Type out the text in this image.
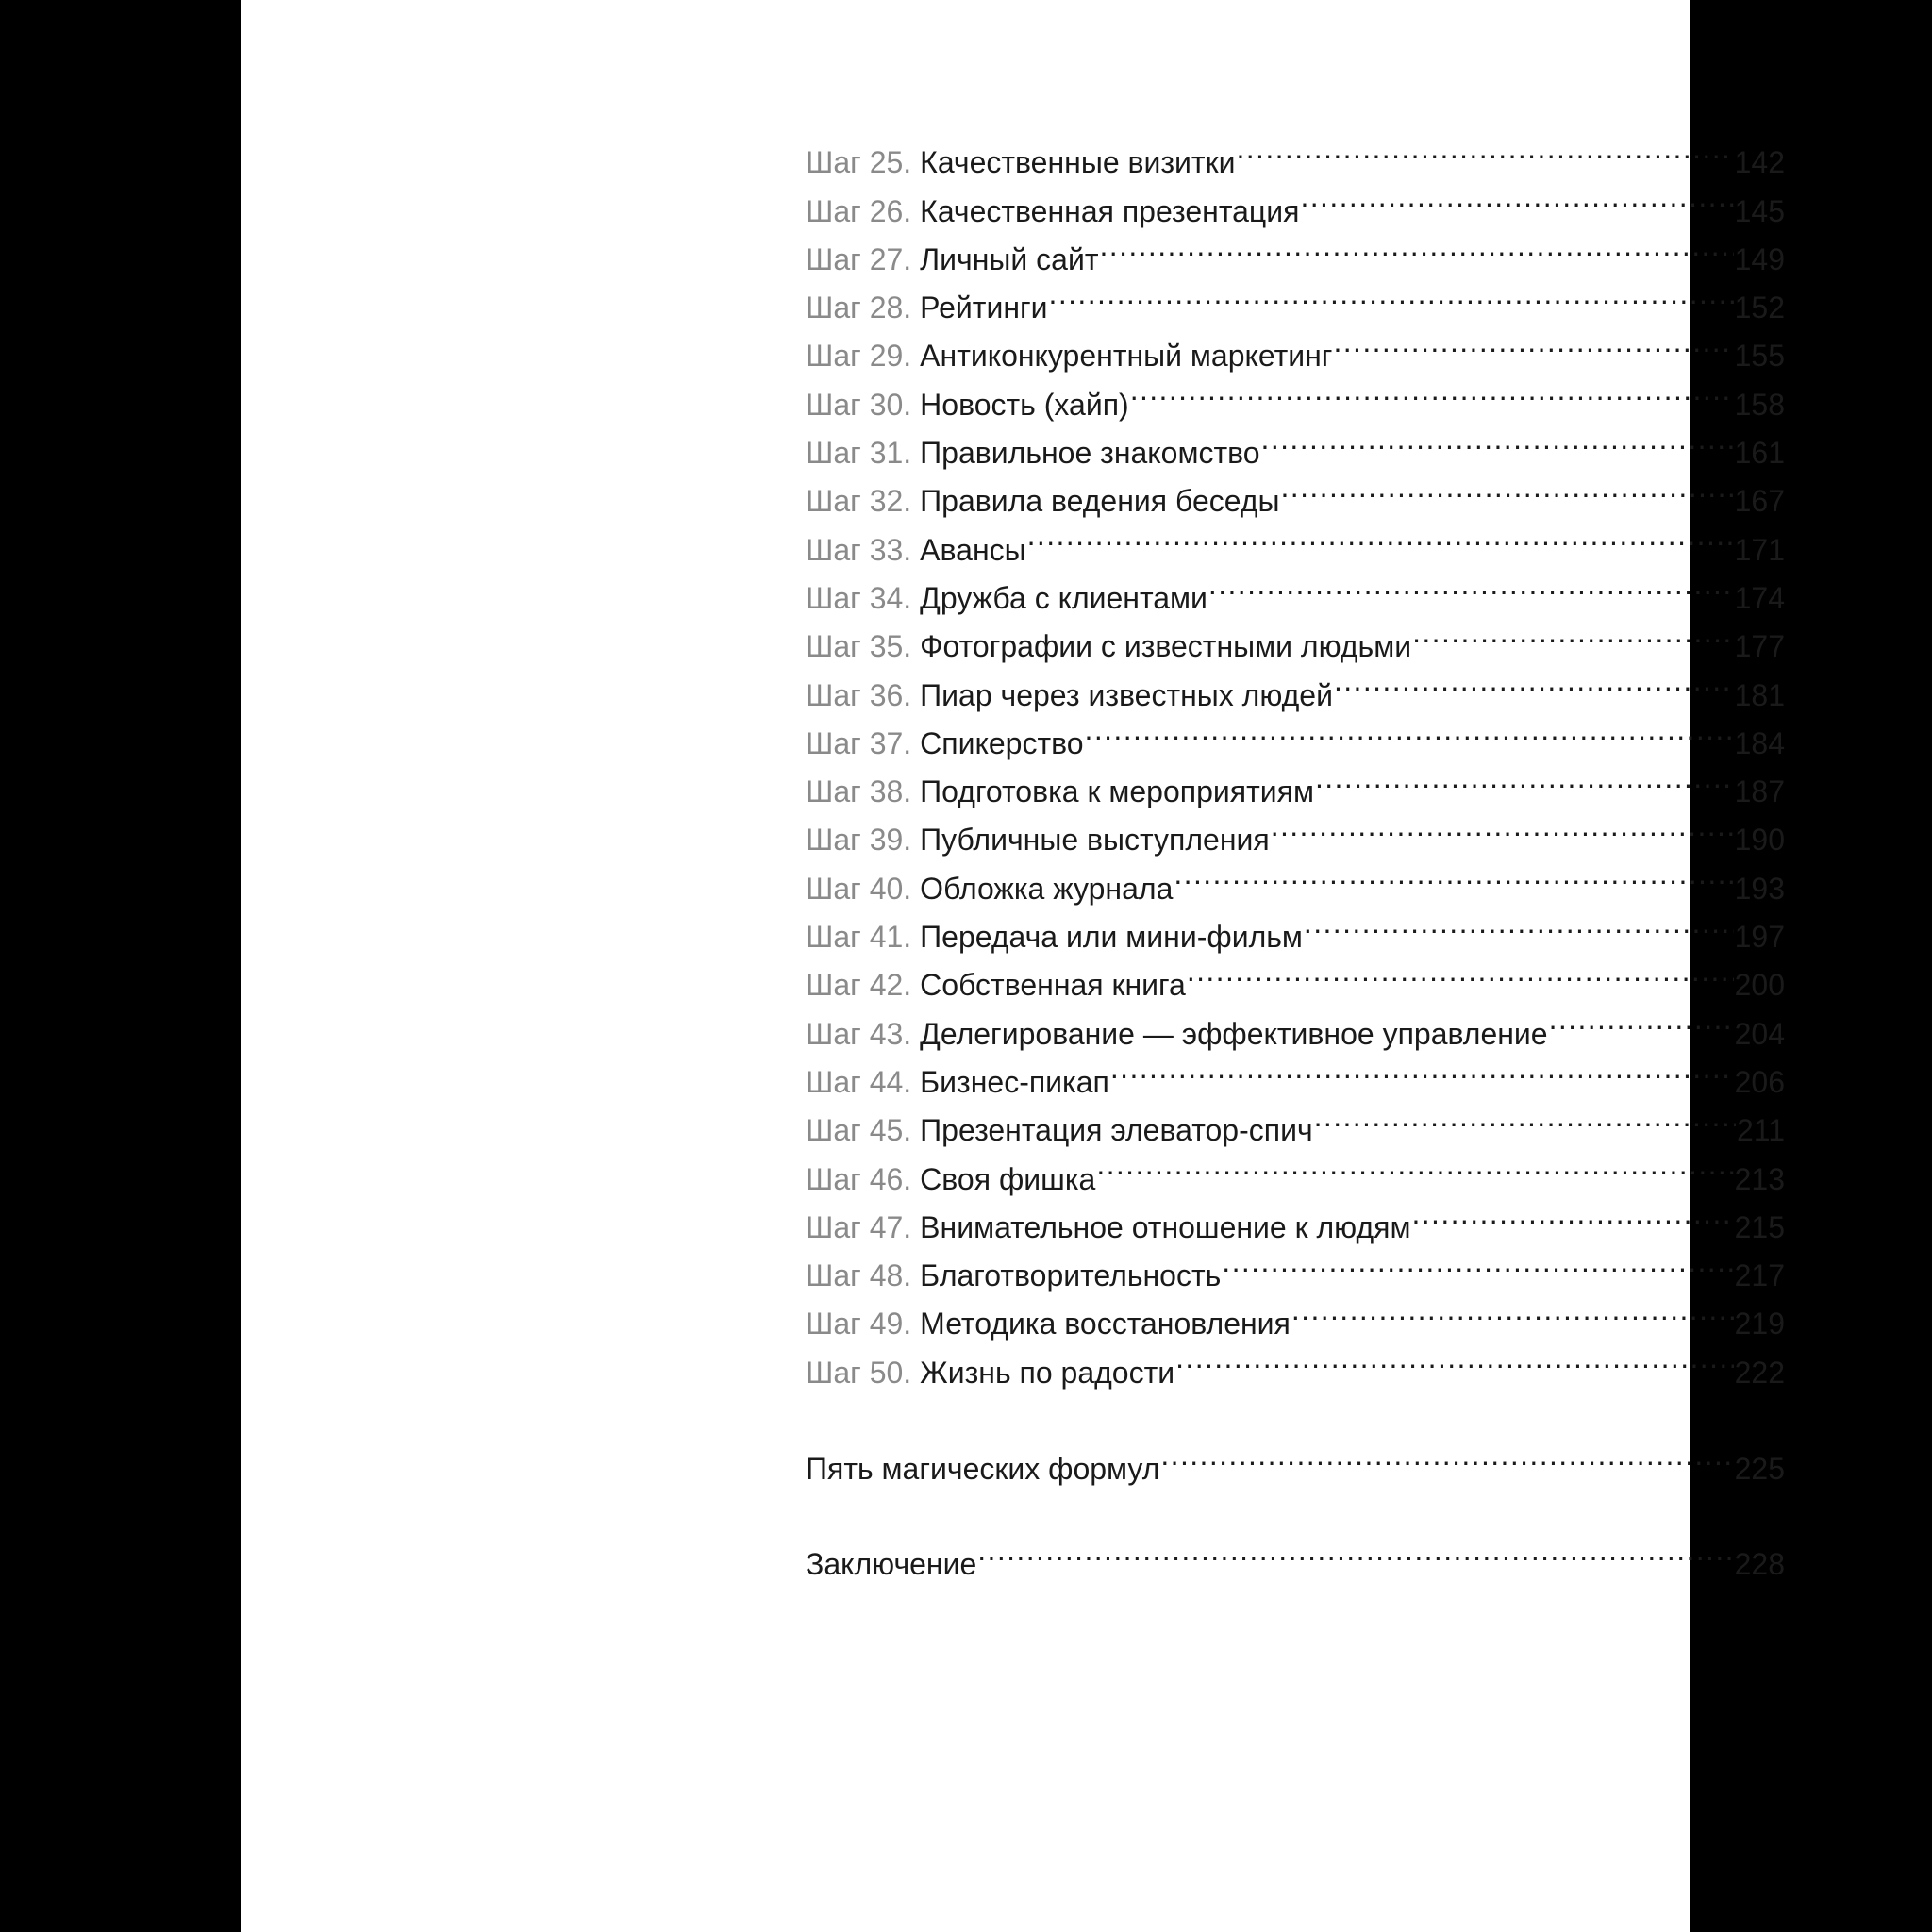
Шаг 25. Качественные визитки .....	142
Шаг 26. Качественная презентация .....	145
Шаг 27. Личный сайт .....	149
Шаг 28. Рейтинги .....	152
Шаг 29. Антиконкурентный маркетинг .....	155
Шаг 30. Новость (хайп) .....	158
Шаг 31. Правильное знакомство .....	161
Шаг 32. Правила ведения беседы .....	167
Шаг 33. Авансы .....	171
Шаг 34. Дружба с клиентами .....	174
Шаг 35. Фотографии с известными людьми .....	177
Шаг 36. Пиар через известных людей .....	181
Шаг 37. Спикерство .....	184
Шаг 38. Подготовка к мероприятиям .....	187
Шаг 39. Публичные выступления .....	190
Шаг 40. Обложка журнала .....	193
Шаг 41. Передача или мини-фильм .....	197
Шаг 42. Собственная книга .....	200
Шаг 43. Делегирование — эффективное управление .....	204
Шаг 44. Бизнес-пикап .....	206
Шаг 45. Презентация элеватор-спич .....	211
Шаг 46. Своя фишка .....	213
Шаг 47. Внимательное отношение к людям .....	215
Шаг 48. Благотворительность .....	217
Шаг 49. Методика восстановления .....	219
Шаг 50. Жизнь по радости .....	222
Пять магических формул .....	225
Заключение .....	228
